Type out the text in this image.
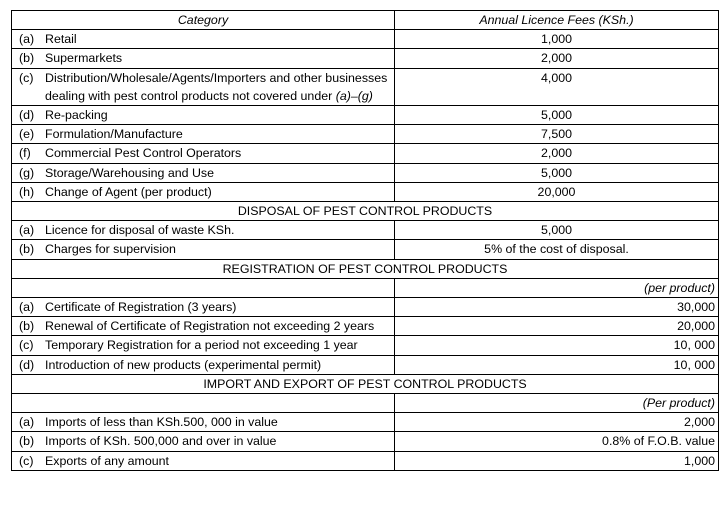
Category	Annual Licence Fees (KSh.)

(a) Retail	1,000

(b) Supermarkets	2,000

(c) Distribution/Wholesale/Agents/Importers and other businesses dealing with pest control products not covered under (a)–(g)	4,000

(d) Re-packing	5,000

(e) Formulation/Manufacture	7,500

(f) Commercial Pest Control Operators	2,000

(g) Storage/Warehousing and Use	5,000

(h) Change of Agent (per product)	20,000
DISPOSAL OF PEST CONTROL PRODUCTS	

(a) Licence for disposal of waste KSh.	5,000

(b) Charges for supervision	5% of the cost of disposal.
REGISTRATION OF PEST CONTROL PRODUCTS	
	(per product)

(a) Certificate of Registration (3 years)	30,000

(b) Renewal of Certificate of Registration not exceeding 2 years	20,000

(c) Temporary Registration for a period not exceeding 1 year	10, 000

(d) Introduction of new products (experimental permit)	10, 000
IMPORT AND EXPORT OF PEST CONTROL PRODUCTS	
	(Per product)

(a) Imports of less than KSh.500, 000 in value	2,000

(b) Imports of KSh. 500,000 and over in value	0.8% of F.O.B. value

(c) Exports of any amount	1,000
